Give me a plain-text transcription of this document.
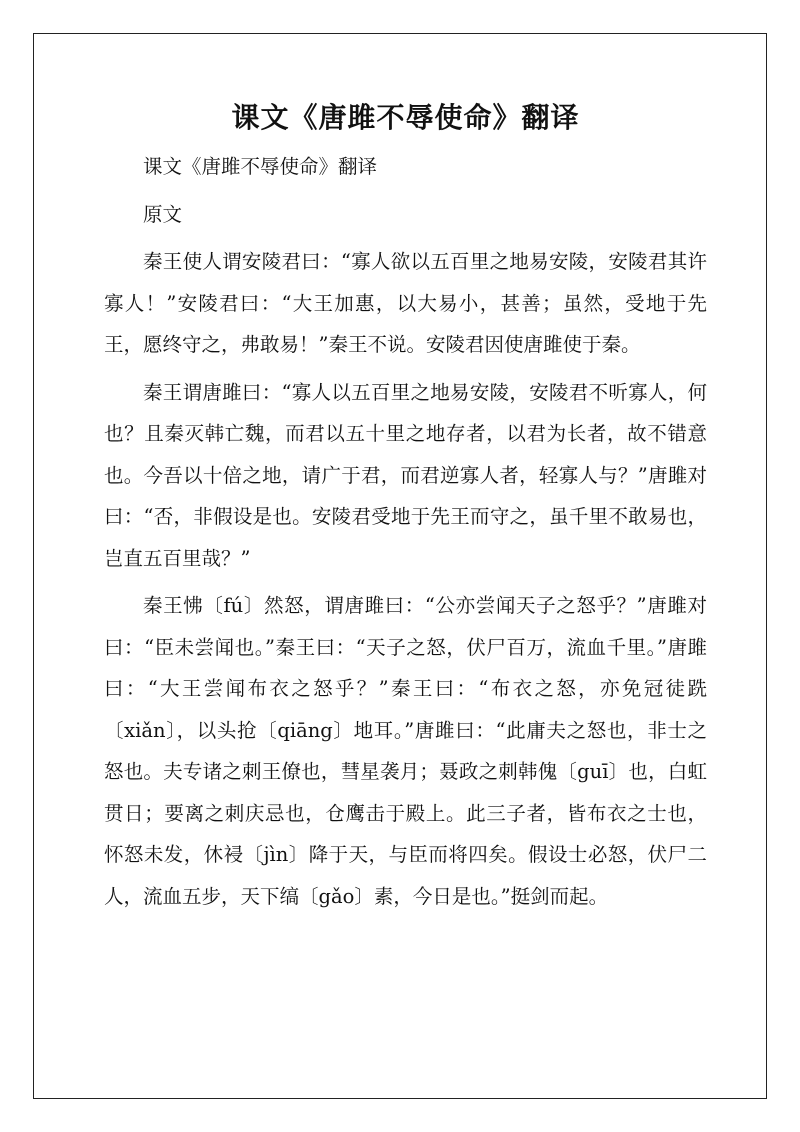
课文《唐雎不辱使命》翻译

课文《唐雎不辱使命》翻译

原文

秦王使人谓安陵君曰：“寡人欲以五百里之地易安陵，安陵君其许寡人！”安陵君曰：“大王加惠，以大易小，甚善；虽然，受地于先王，愿终守之，弗敢易！”秦王不说。安陵君因使唐雎使于秦。

秦王谓唐雎曰：“寡人以五百里之地易安陵，安陵君不听寡人，何也？且秦灭韩亡魏，而君以五十里之地存者，以君为长者，故不错意也。今吾以十倍之地，请广于君，而君逆寡人者，轻寡人与？”唐雎对曰：“否，非假设是也。安陵君受地于先王而守之，虽千里不敢易也，岂直五百里哉？”

秦王怫〔fú〕然怒，谓唐雎曰：“公亦尝闻天子之怒乎？”唐雎对曰：“臣未尝闻也。”秦王曰：“天子之怒，伏尸百万，流血千里。”唐雎曰：“大王尝闻布衣之怒乎？”秦王曰：“布衣之怒，亦免冠徒跣〔xiǎn〕，以头抢〔qiāng〕地耳。”唐雎曰：“此庸夫之怒也，非士之怒也。夫专诸之刺王僚也，彗星袭月；聂政之刺韩傀〔guī〕也，白虹贯日；要离之刺庆忌也，仓鹰击于殿上。此三子者，皆布衣之士也，怀怒未发，休祲〔jìn〕降于天，与臣而将四矣。假设士必怒，伏尸二人，流血五步，天下缟〔gǎo〕素，今日是也。”挺剑而起。
